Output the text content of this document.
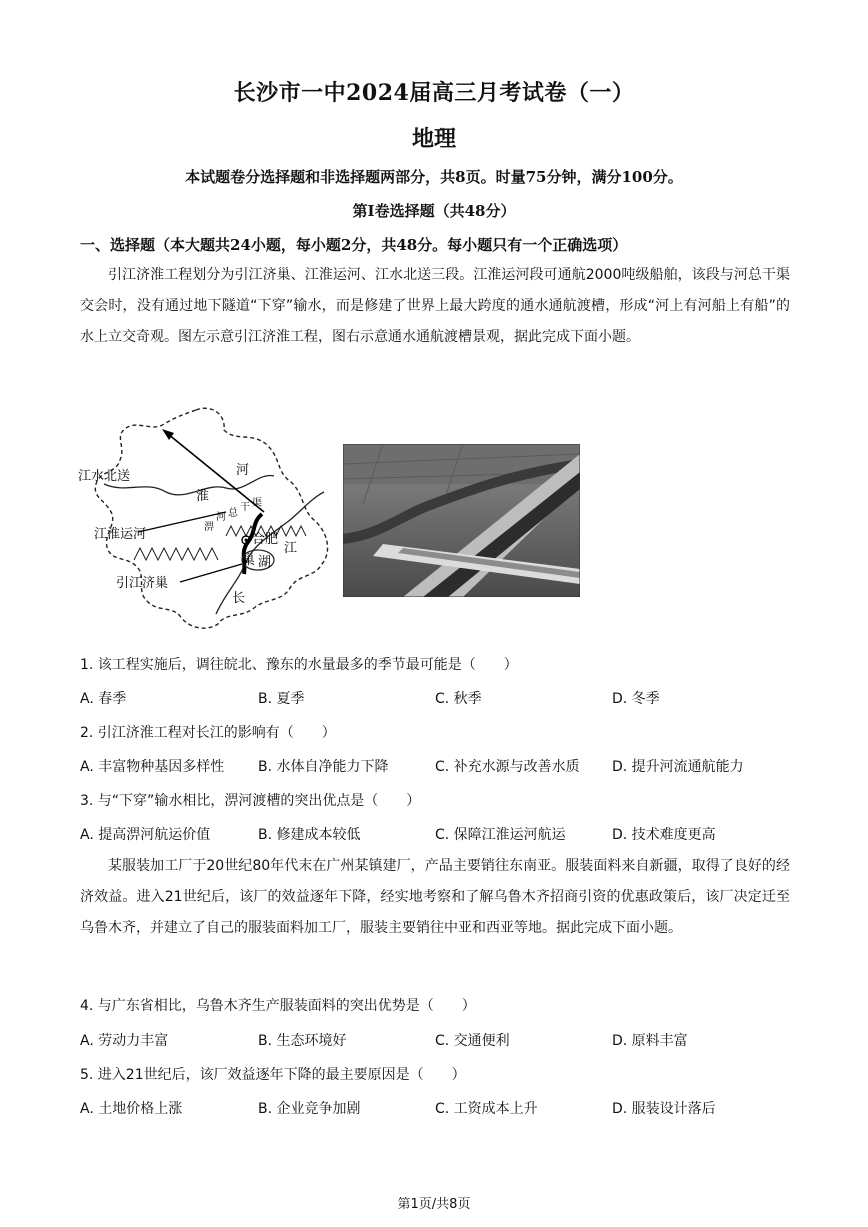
长沙市一中2024届高三月考试卷（一）
地理
本试题卷分选择题和非选择题两部分，共8页。时量75分钟，满分100分。
第Ⅰ卷选择题（共48分）
一、选择题（本大题共24小题，每小题2分，共48分。每小题只有一个正确选项）
引江济淮工程划分为引江济巢、江淮运河、江水北送三段。江淮运河段可通航2000吨级船舶，该段与河总干渠交会时，没有通过地下隧道“下穿”输水，而是修建了世界上最大跨度的通水通航渡槽，形成“河上有河船上有船”的水上立交奇观。图左示意引江济淮工程，图右示意通水通航渡槽景观，据此完成下面小题。
江水北送
江淮运河
引江济巢
淮
河
淠
河 总
干 渠
合肥
巢 湖
江
长
1. 该工程实施后，调往皖北、豫东的水量最多的季节最可能是（　　）
A. 春季	B. 夏季	C. 秋季	D. 冬季
2. 引江济淮工程对长江的影响有（　　）
A. 丰富物种基因多样性 B. 水体自净能力下降	C. 补充水源与改善水质 D. 提升河流通航能力
3. 与“下穿”输水相比，淠河渡槽的突出优点是（　　）
A. 提高淠河航运价值	B. 修建成本较低	C. 保障江淮运河航运	D. 技术难度更高
某服装加工厂于20世纪80年代末在广州某镇建厂，产品主要销往东南亚。服装面料来自新疆，取得了良好的经济效益。进入21世纪后，该厂的效益逐年下降，经实地考察和了解乌鲁木齐招商引资的优惠政策后，该厂决定迁至乌鲁木齐，并建立了自己的服装面料加工厂，服装主要销往中亚和西亚等地。据此完成下面小题。
4. 与广东省相比，乌鲁木齐生产服装面料的突出优势是（　　）
A. 劳动力丰富	B. 生态环境好	C. 交通便利	D. 原料丰富
5. 进入21世纪后，该厂效益逐年下降的最主要原因是（　　）
A. 土地价格上涨	B. 企业竞争加剧	C. 工资成本上升	D. 服装设计落后
第1页/共8页
